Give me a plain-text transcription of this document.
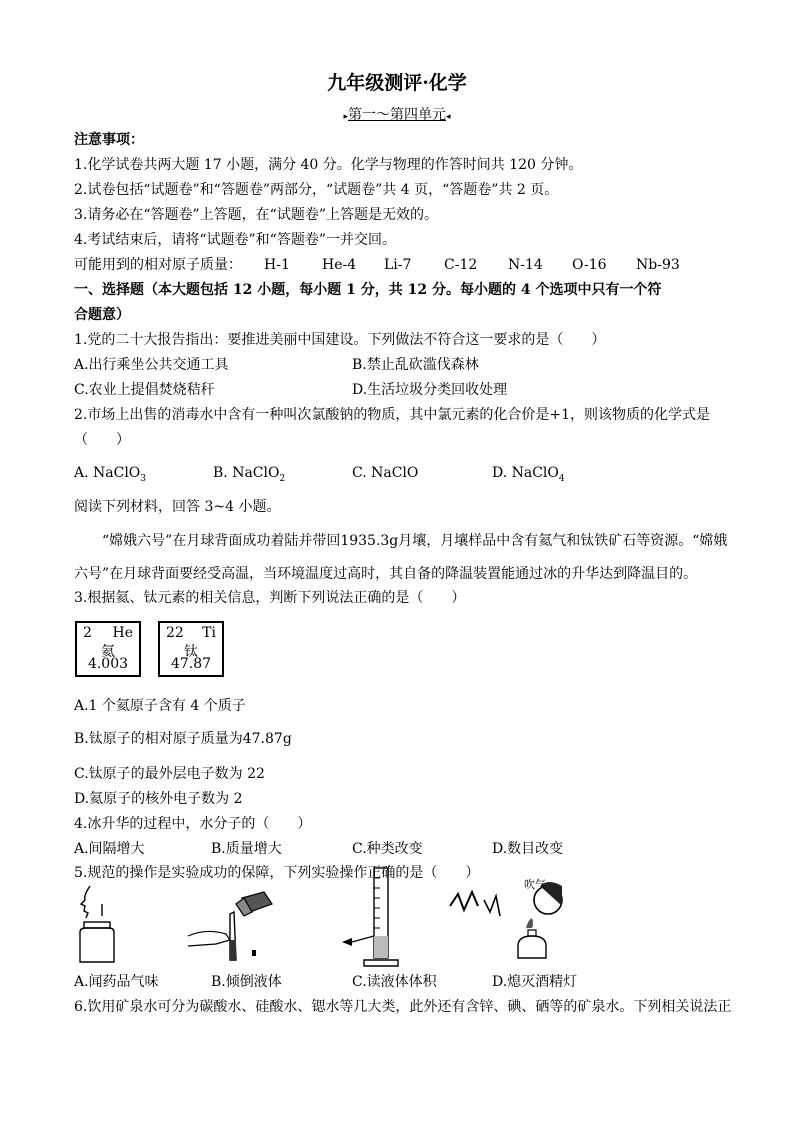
九年级测评·化学
▸第一～第四单元◂
注意事项：
1.化学试卷共两大题 17 小题，满分 40 分。化学与物理的作答时间共 120 分钟。
2.试卷包括“试题卷”和“答题卷”两部分，“试题卷”共 4 页，“答题卷”共 2 页。
3.请务必在“答题卷”上答题，在“试题卷”上答题是无效的。
4.考试结束后，请将“试题卷”和“答题卷”一并交回。
可能用到的相对原子质量： H-1 He-4 Li-7 C-12 N-14 O-16 Nb-93
一、选择题（本大题包括 12 小题，每小题 1 分，共 12 分。每小题的 4 个选项中只有一个符
合题意）
1.党的二十大报告指出：要推进美丽中国建设。下列做法不符合这一要求的是（　　）
A.出行乘坐公共交通工具	B.禁止乱砍滥伐森林
C.农业上提倡焚烧秸秆	D.生活垃圾分类回收处理
2.市场上出售的消毒水中含有一种叫次氯酸钠的物质，其中氯元素的化合价是+1，则该物质的化学式是
（　　）
A. NaClO$_3$	B. NaClO$_2$	C. NaClO	D. NaClO$_4$
阅读下列材料，回答 3~4 小题。
“嫦娥六号”在月球背面成功着陆并带回1935.3g月壤，月壤样品中含有氦气和钛铁矿石等资源。“嫦娥
六号”在月球背面要经受高温，当环境温度过高时，其自备的降温装置能通过冰的升华达到降温目的。
3.根据氦、钛元素的相关信息，判断下列说法正确的是（　　）
2 He
氦
4.003
22 Ti
钛
47.87
A.1 个氦原子含有 4 个质子
B.钛原子的相对原子质量为47.87g
C.钛原子的最外层电子数为 22
D.氦原子的核外电子数为 2
4.冰升华的过程中，水分子的（　　）
A.间隔增大	B.质量增大	C.种类改变	D.数目改变
5.规范的操作是实验成功的保障，下列实验操作正确的是（　　）
吹气
A.闻药品气味	B.倾倒液体	C.读液体体积	D.熄灭酒精灯
6.饮用矿泉水可分为碳酸水、硅酸水、锶水等几大类，此外还有含锌、碘、硒等的矿泉水。下列相关说法正
